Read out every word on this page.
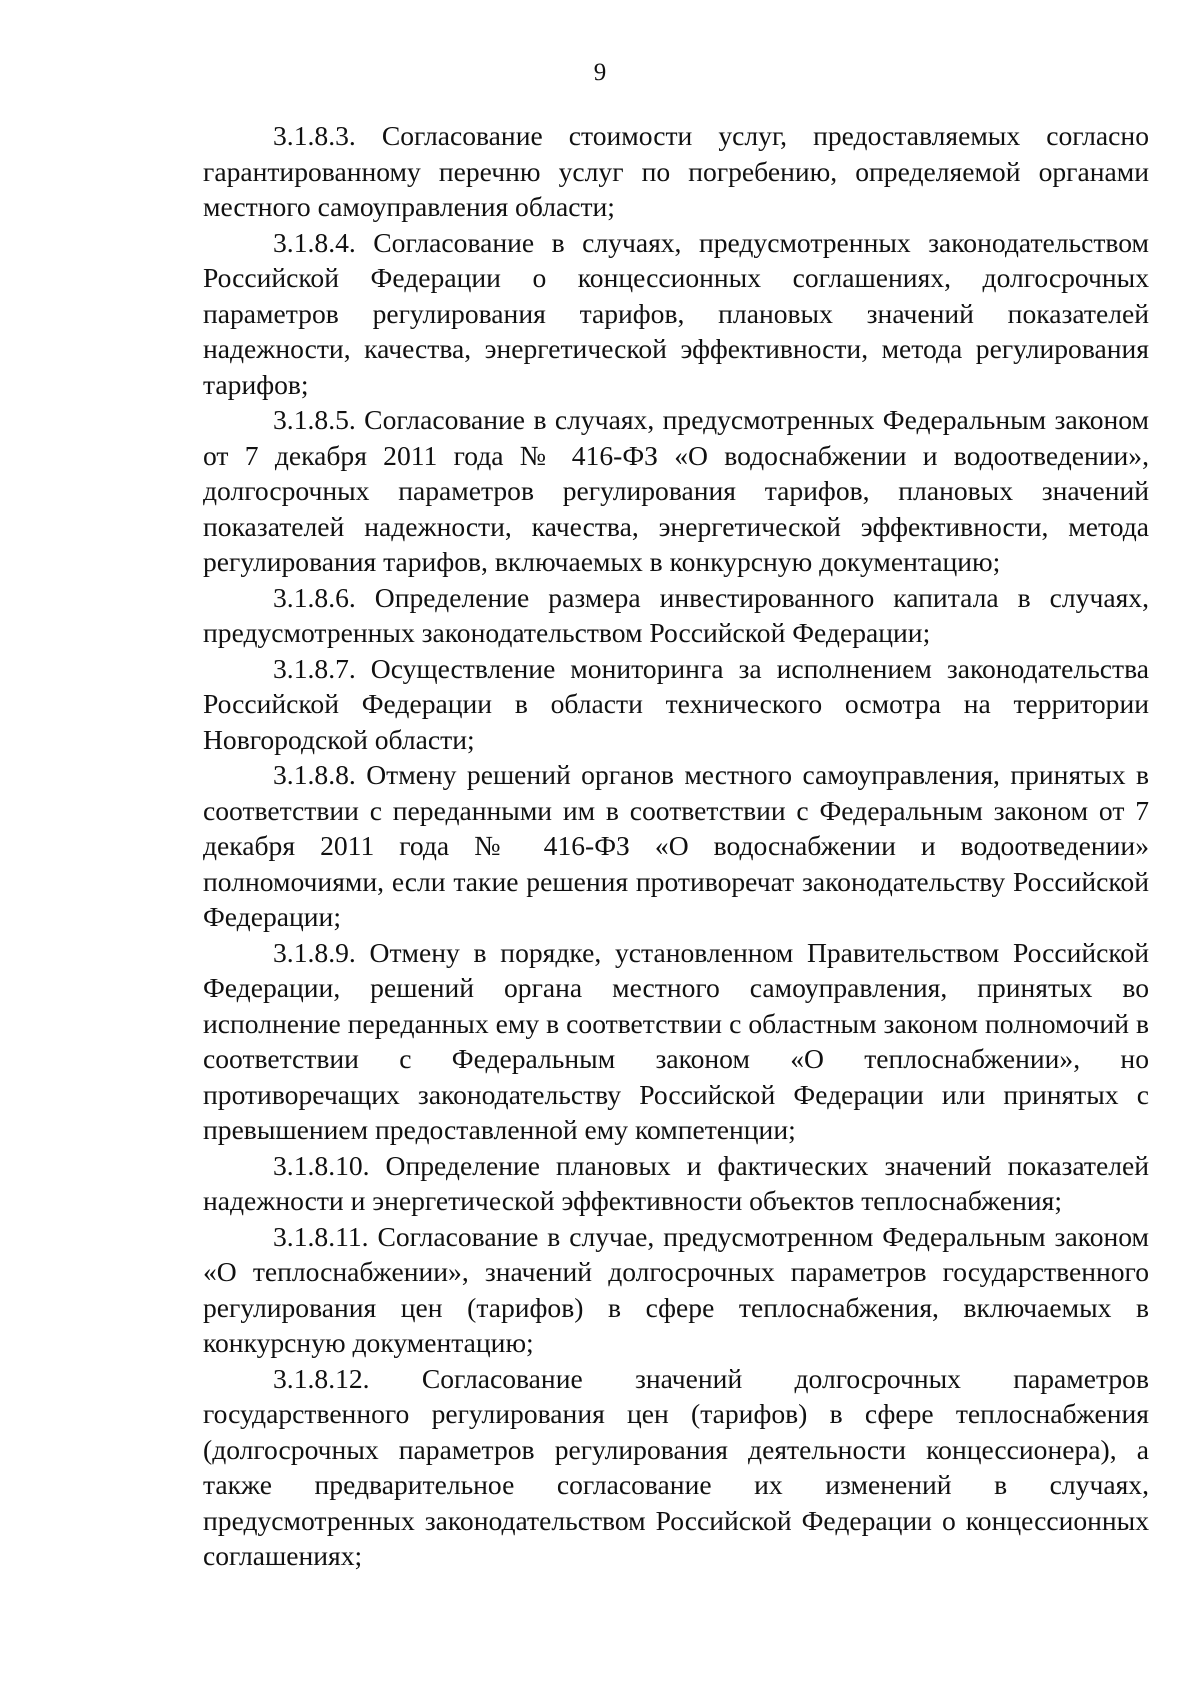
9

3.1.8.3. Согласование стоимости услуг, предоставляемых согласно гарантированному перечню услуг по погребению, определяемой органами местного самоуправления области;

3.1.8.4. Согласование в случаях, предусмотренных законодательством Российской Федерации о концессионных соглашениях, долгосрочных параметров регулирования тарифов, плановых значений показателей надежности, качества, энергетической эффективности, метода регулирования тарифов;

3.1.8.5. Согласование в случаях, предусмотренных Федеральным законом от 7 декабря 2011 года № 416-ФЗ «О водоснабжении и водоотведении», долгосрочных параметров регулирования тарифов, плановых значений показателей надежности, качества, энергетической эффективности, метода регулирования тарифов, включаемых в конкурсную документацию;

3.1.8.6. Определение размера инвестированного капитала в случаях, предусмотренных законодательством Российской Федерации;

3.1.8.7. Осуществление мониторинга за исполнением законодательства Российской Федерации в области технического осмотра на территории Новгородской области;

3.1.8.8. Отмену решений органов местного самоуправления, принятых в соответствии с переданными им в соответствии с Федеральным законом от 7 декабря 2011 года № 416-ФЗ «О водоснабжении и водоотведении» полномочиями, если такие решения противоречат законодательству Российской Федерации;

3.1.8.9. Отмену в порядке, установленном Правительством Российской Федерации, решений органа местного самоуправления, принятых во исполнение переданных ему в соответствии с областным законом полномочий в соответствии с Федеральным законом «О теплоснабжении», но противоречащих законодательству Российской Федерации или принятых с превышением предоставленной ему компетенции;

3.1.8.10. Определение плановых и фактических значений показателей надежности и энергетической эффективности объектов теплоснабжения;

3.1.8.11. Согласование в случае, предусмотренном Федеральным законом «О теплоснабжении», значений долгосрочных параметров государственного регулирования цен (тарифов) в сфере теплоснабжения, включаемых в конкурсную документацию;

3.1.8.12. Согласование значений долгосрочных параметров государственного регулирования цен (тарифов) в сфере теплоснабжения (долгосрочных параметров регулирования деятельности концессионера), а также предварительное согласование их изменений в случаях, предусмотренных законодательством Российской Федерации о концессионных соглашениях;
